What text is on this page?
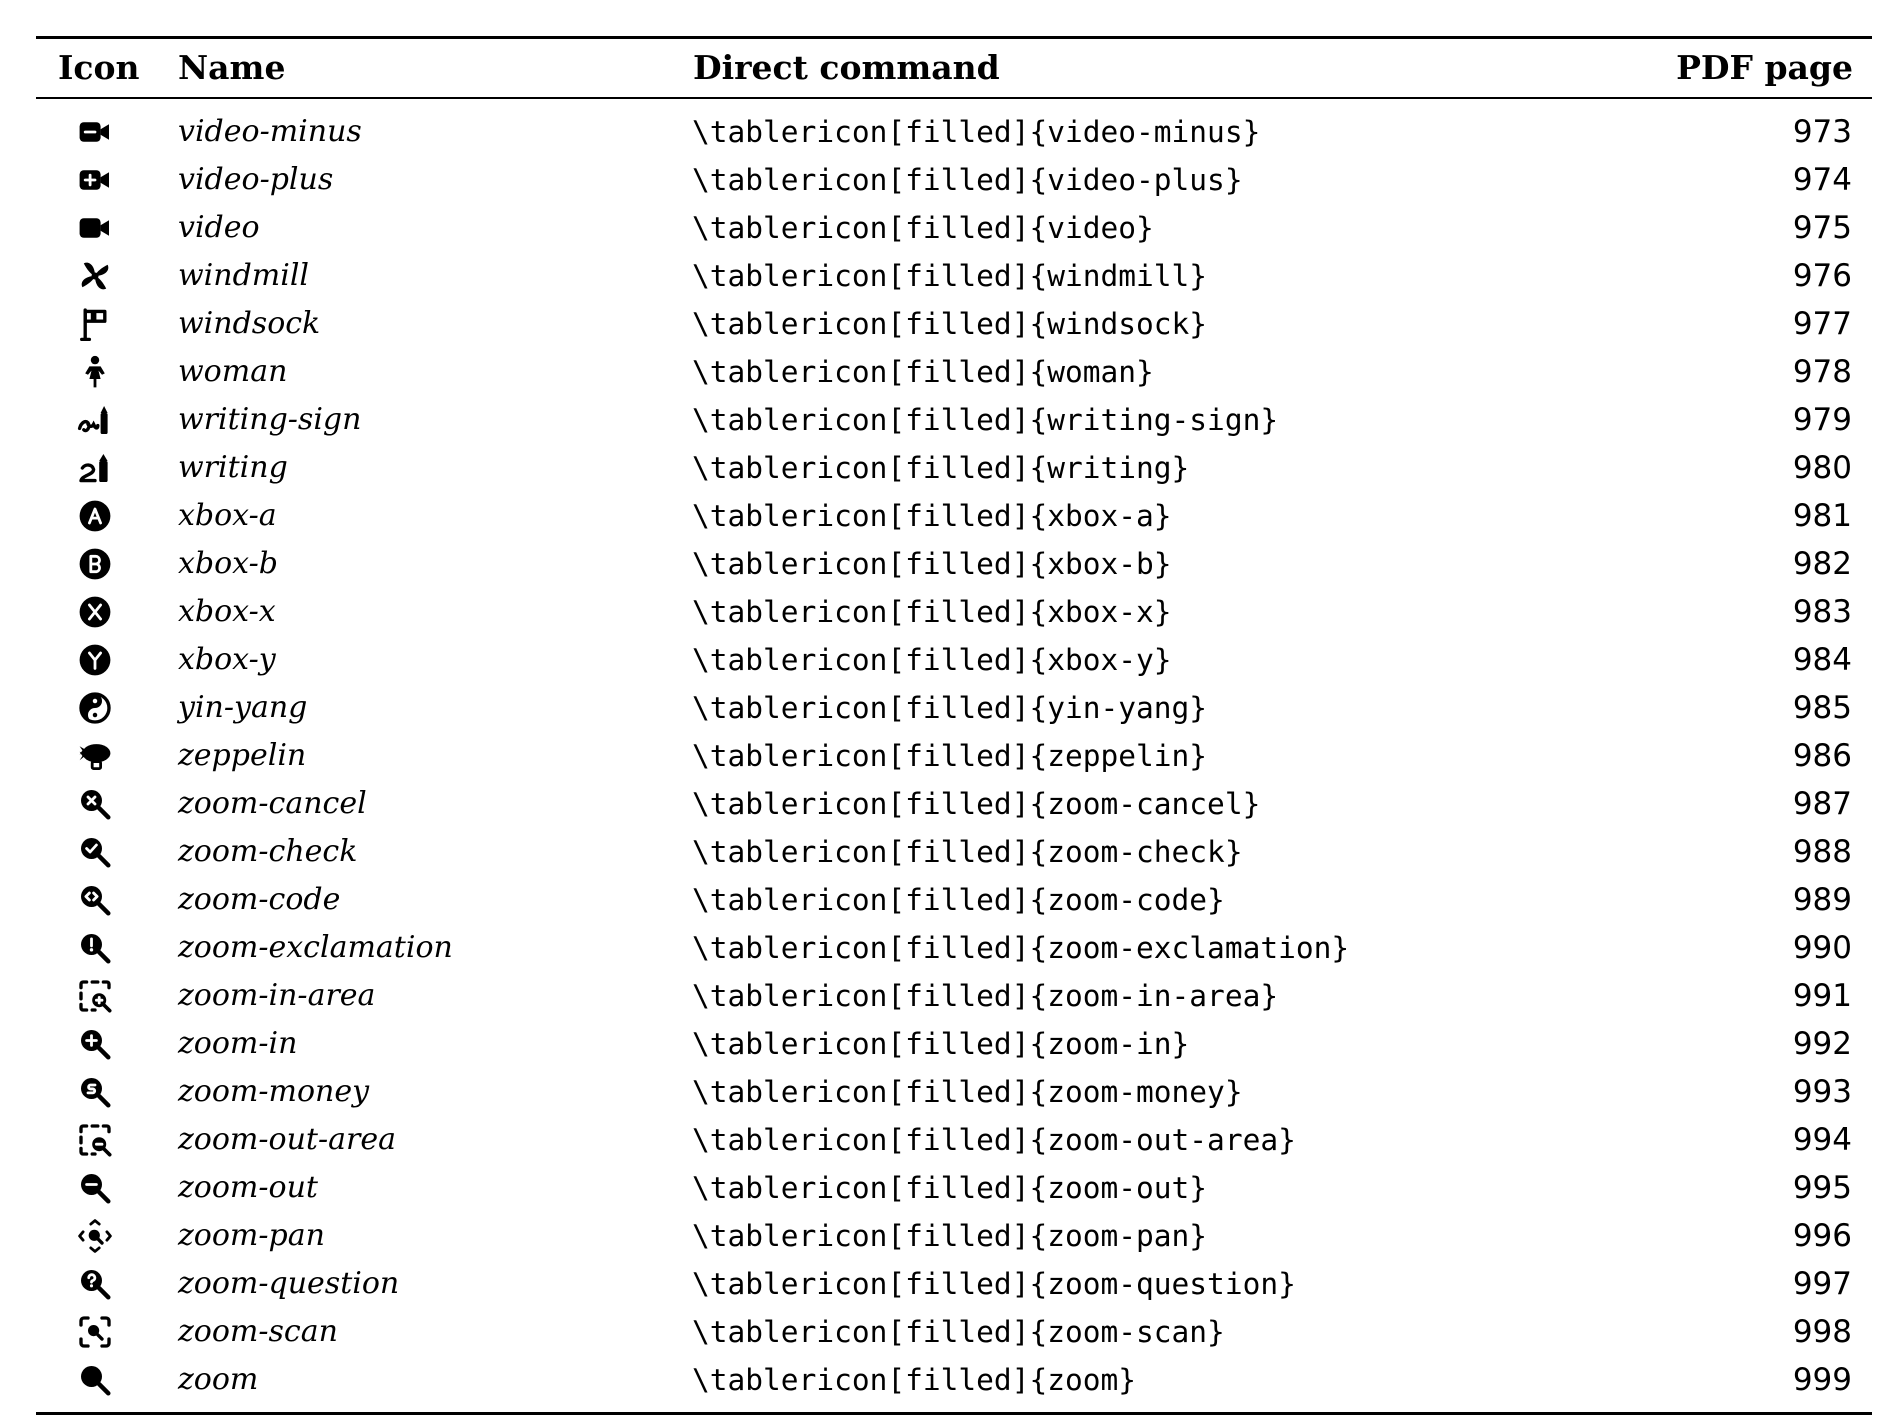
Icon Name	Direct command	PDF page
video-minus	\tablericon[filled]{video-minus}	973
video-plus	\tablericon[filled]{video-plus}	974
video	\tablericon[filled]{video}	975
windmill	\tablericon[filled]{windmill}	976
windsock	\tablericon[filled]{windsock}	977
woman	\tablericon[filled]{woman}	978
writing-sign	\tablericon[filled]{writing-sign}	979
writing	\tablericon[filled]{writing}	980
xbox-a	\tablericon[filled]{xbox-a}	981
xbox-b	\tablericon[filled]{xbox-b}	982
xbox-x	\tablericon[filled]{xbox-x}	983
xbox-y	\tablericon[filled]{xbox-y}	984
yin-yang	\tablericon[filled]{yin-yang}	985
zeppelin	\tablericon[filled]{zeppelin}	986
zoom-cancel	\tablericon[filled]{zoom-cancel}	987
zoom-check	\tablericon[filled]{zoom-check}	988
zoom-code	\tablericon[filled]{zoom-code}	989
zoom-exclamation	\tablericon[filled]{zoom-exclamation}	990
zoom-in-area	\tablericon[filled]{zoom-in-area}	991
zoom-in	\tablericon[filled]{zoom-in}	992
zoom-money	\tablericon[filled]{zoom-money}	993
zoom-out-area	\tablericon[filled]{zoom-out-area}	994
zoom-out	\tablericon[filled]{zoom-out}	995
zoom-pan	\tablericon[filled]{zoom-pan}	996
zoom-question	\tablericon[filled]{zoom-question}	997
zoom-scan	\tablericon[filled]{zoom-scan}	998
zoom	\tablericon[filled]{zoom}	999
